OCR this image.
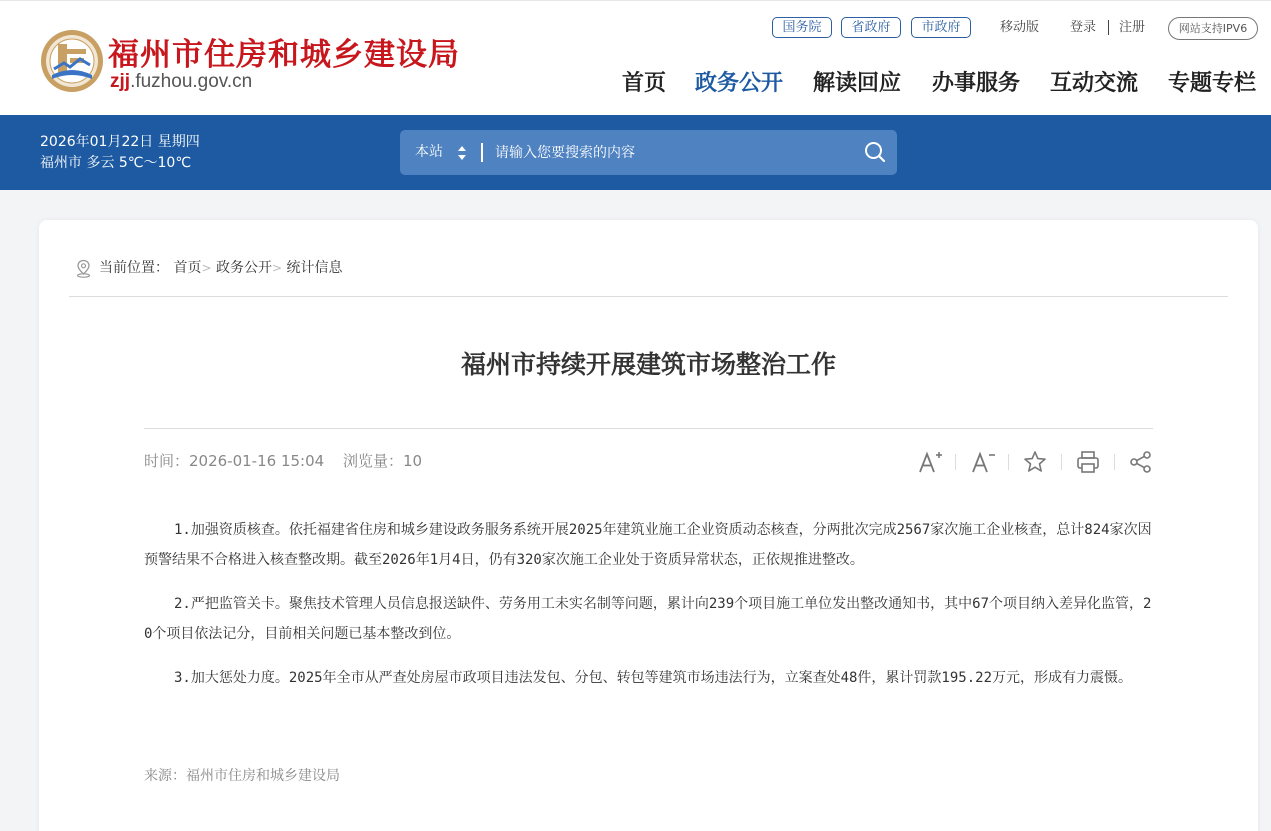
福州市住房和城乡建设局
zjj.fuzhou.gov.cn
国务院	省政府	市政府	移动版 登录 注册	网站支持IPV6
首页 政务公开 解读回应 办事服务 互动交流 专题专栏
2026年01月22日 星期四
福州市 多云 5℃～10℃
本站
请输入您要搜索的内容
当前位置： 首页> 政务公开> 统计信息
福州市持续开展建筑市场整治工作
时间：2026-01-16 15:04 浏览量：10

1.加强资质核查。依托福建省住房和城乡建设政务服务系统开展2025年建筑业施工企业资质动态核查，分两批次完成2567家次施工企业核查，总计824家次因预警结果不合格进入核查整改期。截至2026年1月4日，仍有320家次施工企业处于资质异常状态，正依规推进整改。

2.严把监管关卡。聚焦技术管理人员信息报送缺件、劳务用工未实名制等问题，累计向239个项目施工单位发出整改通知书，其中67个项目纳入差异化监管，20个项目依法记分，目前相关问题已基本整改到位。

3.加大惩处力度。2025年全市从严查处房屋市政项目违法发包、分包、转包等建筑市场违法行为，立案查处48件，累计罚款195.22万元，形成有力震慑。

来源：福州市住房和城乡建设局
